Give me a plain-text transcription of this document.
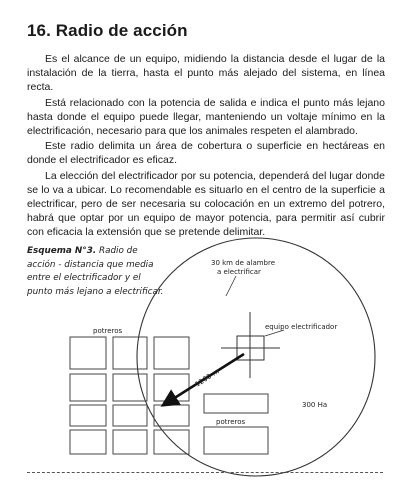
16. Radio de acción

Es el alcance de un equipo, midiendo la distancia desde el lugar de la instalación de la tierra, hasta el punto más alejado del sistema, en línea recta.

Está relacionado con la potencia de salida e indica el punto más lejano hasta donde el equipo puede llegar, manteniendo un voltaje mínimo en la electrificación, necesario para que los animales respeten el alambrado.

Este radio delimita un área de cobertura o superficie en hectáreas en donde el electrificador es eficaz.

La elección del electrificador por su potencia, dependerá del lugar donde se lo va a ubicar. Lo recomendable es situarlo en el centro de la superficie a electrificar, pero de ser necesaria su colocación en un extremo del potrero, habrá que optar por un equipo de mayor potencia, para permitir así cubrir con eficacia la extensión que se pretende delimitar.

Esquema N°3. Radio de acción - distancia que media entre el electrificador y el punto más lejano a electrificar.
30 km de alambre
a electrificar
equipo electrificador
potreros
potreros
300 Ha
1200 m
